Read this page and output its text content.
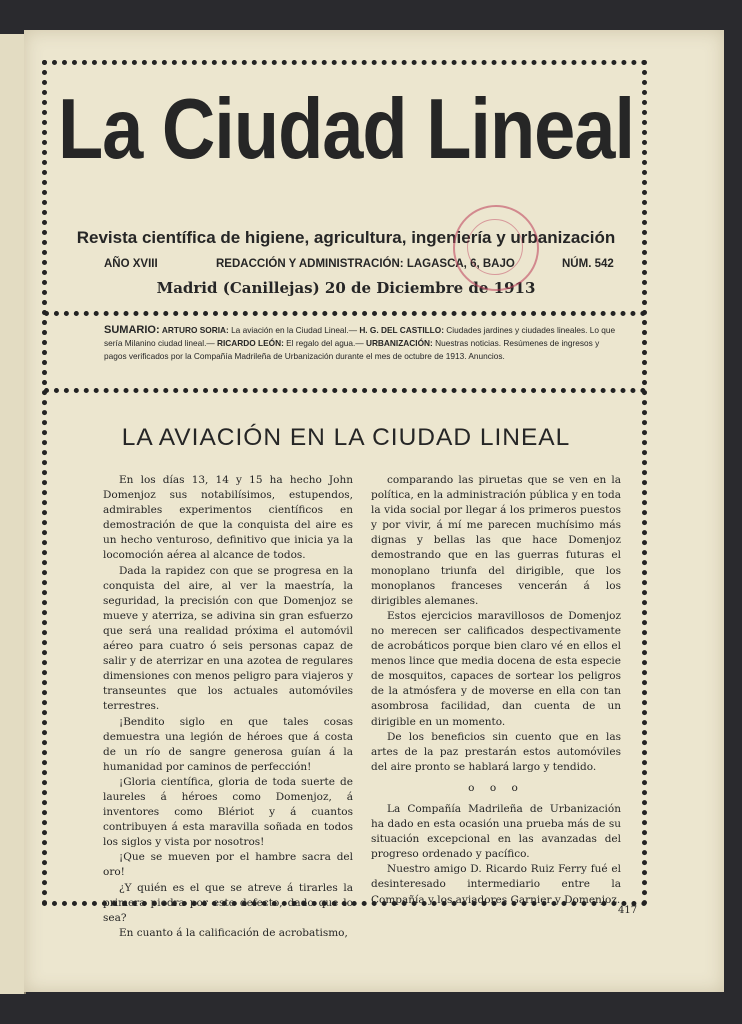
La Ciudad Lineal
Revista científica de higiene, agricultura, ingeniería y urbanización
AÑO XVIII	REDACCIÓN Y ADMINISTRACIÓN: LAGASCA, 6, BAJO	NÚM. 542
Madrid (Canillejas) 20 de Diciembre de 1913
SUMARIO: ARTURO SORIA: La aviación en la Ciudad Lineal.— H. G. DEL CASTILLO: Ciudades jardines y ciudades lineales. Lo que sería Milanino ciudad lineal.— RICARDO LEÓN: El regalo del agua.— URBANIZACIÓN: Nuestras noticias. Resúmenes de ingresos y pagos verificados por la Compañía Madrileña de Urbanización durante el mes de octubre de 1913. Anuncios.
LA AVIACIÓN EN LA CIUDAD LINEAL

En los días 13, 14 y 15 ha hecho John Domenjoz sus notabilísimos, estupendos, admirables experimentos científicos en demostración de que la conquista del aire es un hecho venturoso, definitivo que inicia ya la locomoción aérea al alcance de todos.

Dada la rapidez con que se progresa en la conquista del aire, al ver la maestría, la seguridad, la precisión con que Domenjoz se mueve y aterriza, se adivina sin gran esfuerzo que será una realidad próxima el automóvil aéreo para cuatro ó seis personas capaz de salir y de aterrizar en una azotea de regulares dimensiones con menos peligro para viajeros y transeuntes que los actuales automóviles terrestres.

¡Bendito siglo en que tales cosas demuestra una legión de héroes que á costa de un río de sangre generosa guían á la humanidad por caminos de perfección!

¡Gloria científica, gloria de toda suerte de laureles á héroes como Domenjoz, á inventores como Blériot y á cuantos contribuyen á esta maravilla soñada en todos los siglos y vista por nosotros!

¡Que se mueven por el hambre sacra del oro!

¿Y quién es el que se atreve á tirarles la primera piedra por este defecto, dado que lo sea?

En cuanto á la calificación de acrobatismo,

comparando las piruetas que se ven en la política, en la administración pública y en toda la vida social por llegar á los primeros puestos y por vivir, á mí me parecen muchísimo más dignas y bellas las que hace Domenjoz demostrando que en las guerras futuras el monoplano triunfa del dirigible, que los monoplanos franceses vencerán á los dirigibles alemanes.

Estos ejercicios maravillosos de Domenjoz no merecen ser calificados despectivamente de acrobáticos porque bien claro vé en ellos el menos lince que media docena de esta especie de mosquitos, capaces de sortear los peligros de la atmósfera y de moverse en ella con tan asombrosa facilidad, dan cuenta de un dirigible en un momento.

De los beneficios sin cuento que en las artes de la paz prestarán estos automóviles del aire pronto se hablará largo y tendido.

o o o

La Compañía Madrileña de Urbanización ha dado en esta ocasión una prueba más de su situación excepcional en las avanzadas del progreso ordenado y pacífico.

Nuestro amigo D. Ricardo Ruiz Ferry fué el desinteresado intermediario entre la Compañía y los aviadores Garnier y Domenjoz.

417
